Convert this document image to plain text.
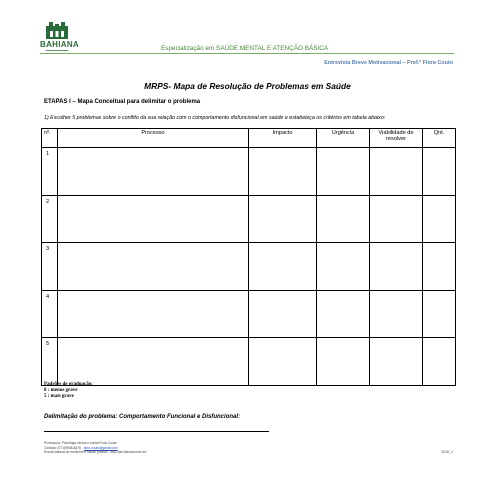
BAHIANA
▬▬▬▬▬▬▬▬▬	Especialização em SAÚDE MENTAL E ATENÇÃO BÁSICA
Entrevista Breve Motivacional – Prof.ª Flora Couto
MRPS- Mapa de Resolução de Problemas em Saúde
ETAPAS I – Mapa Conceitual para delimitar o problema
1) Escolher 5 problemas sobre o conflito da sua relação com o comportamento disfuncional em saúde e estabeleça os critérios em tabela abaixo:
nº.	Processo	Impacto	Urgência	Viabilidade de resolver	Qnt.
1					
2					
3					
4					
5					
Padrões de graduação:
0 : menos grave
5 : mais grave
Delimitação do problema: Comportamento Funcional e Disfuncional:
Professora: Psicóloga clínica e social Flora Couto
Contato: (071)9948-6876 - flora.couto@gmail.com
Escola baiana de medicina e saúde pública - http://psi.bahiana.edu.br/	2016_1
